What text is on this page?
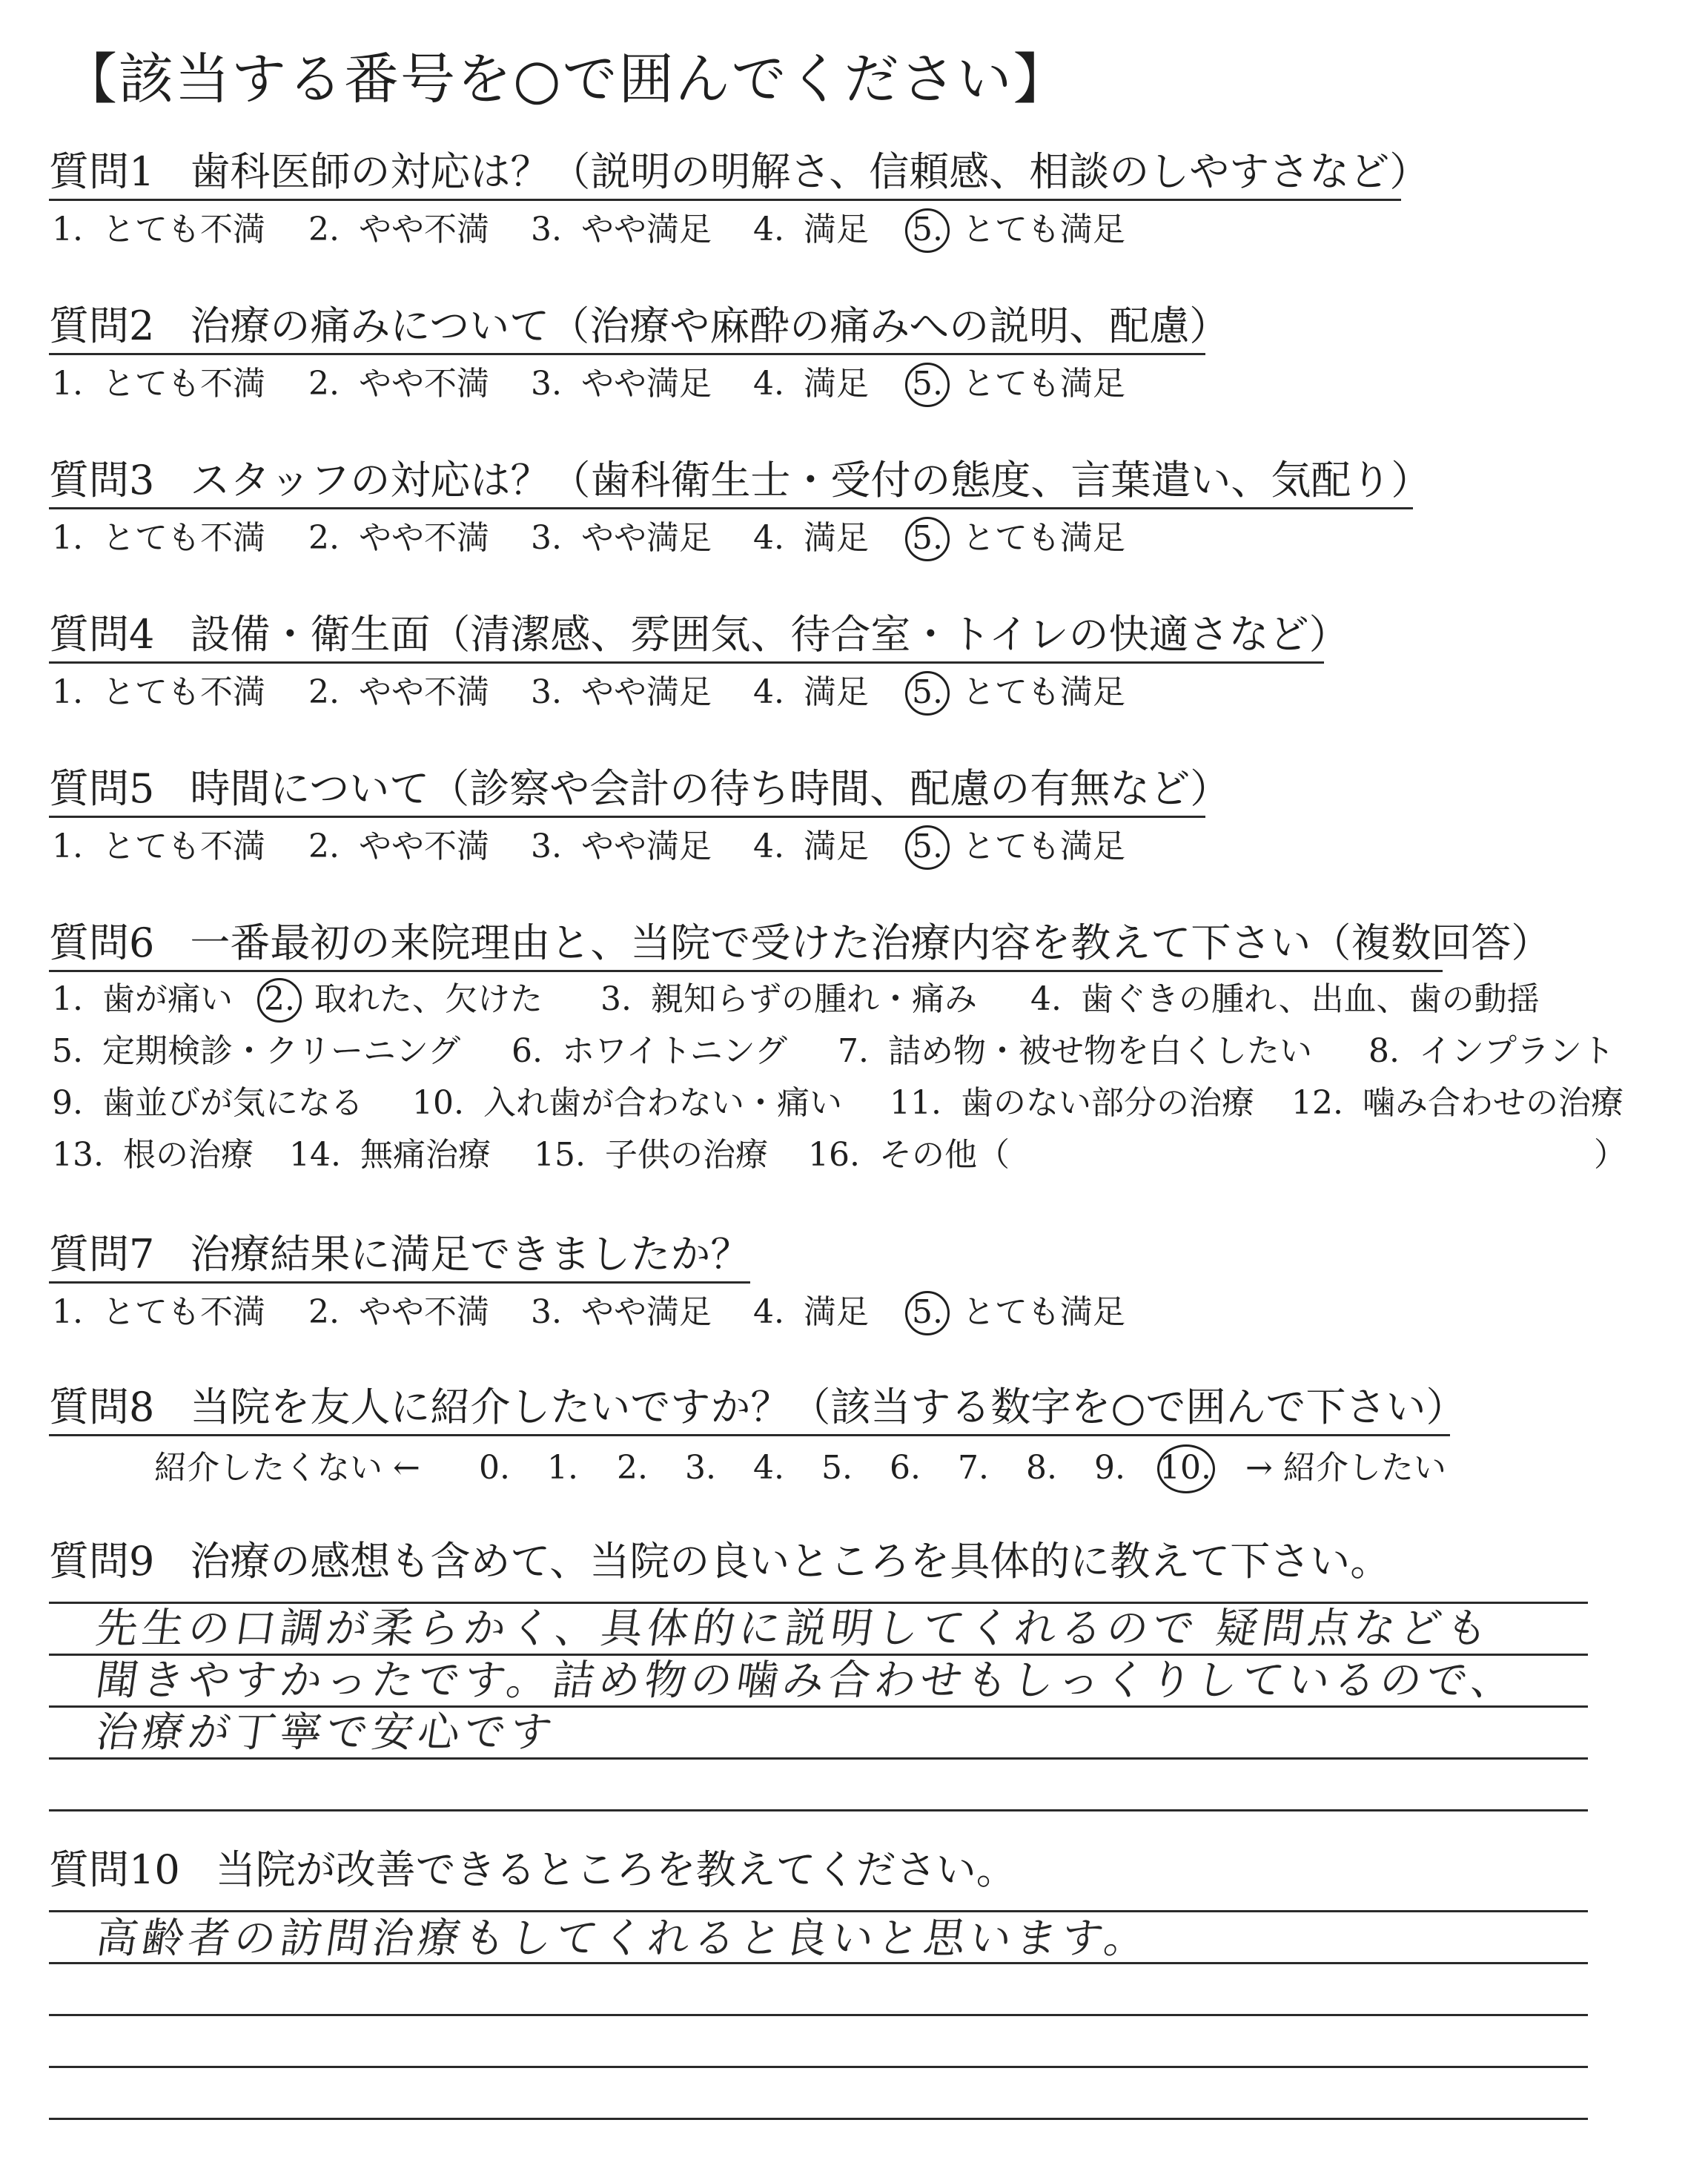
【該当する番号を○で囲んでください】
質問1 歯科医師の対応は？（説明の明解さ、信頼感、相談のしやすさなど）
1. とても不満 2. やや不満 3. やや満足 4. 満足 5. とても満足
質問2 治療の痛みについて（治療や麻酔の痛みへの説明、配慮）
1. とても不満 2. やや不満 3. やや満足 4. 満足 5. とても満足
質問3 スタッフの対応は？（歯科衛生士・受付の態度、言葉遣い、気配り）
1. とても不満 2. やや不満 3. やや満足 4. 満足 5. とても満足
質問4 設備・衛生面（清潔感、雰囲気、待合室・トイレの快適さなど）
1. とても不満 2. やや不満 3. やや満足 4. 満足 5. とても満足
質問5 時間について（診察や会計の待ち時間、配慮の有無など）
1. とても不満 2. やや不満 3. やや満足 4. 満足 5. とても満足
質問6 一番最初の来院理由と、当院で受けた治療内容を教えて下さい（複数回答）
1. 歯が痛い 2. 取れた、欠けた 3. 親知らずの腫れ・痛み 4. 歯ぐきの腫れ、出血、歯の動揺
5. 定期検診・クリーニング 6. ホワイトニング 7. 詰め物・被せ物を白くしたい 8. インプラント
9. 歯並びが気になる 10. 入れ歯が合わない・痛い 11. 歯のない部分の治療 12. 噛み合わせの治療
13. 根の治療 14. 無痛治療 15. 子供の治療 16. その他（	）
質問7 治療結果に満足できましたか？
1. とても不満 2. やや不満 3. やや満足 4. 満足 5. とても満足
質問8 当院を友人に紹介したいですか？（該当する数字を○で囲んで下さい）
紹介したくない ← 0. 1. 2. 3. 4. 5. 6. 7. 8. 9. 10. → 紹介したい
質問9 治療の感想も含めて、当院の良いところを具体的に教えて下さい。
先生の口調が柔らかく、具体的に説明してくれるので 疑問点なども
聞きやすかったです。詰め物の噛み合わせもしっくりしているので、
治療が丁寧で安心です
質問10 当院が改善できるところを教えてください。
高齢者の訪問治療もしてくれると良いと思います。
